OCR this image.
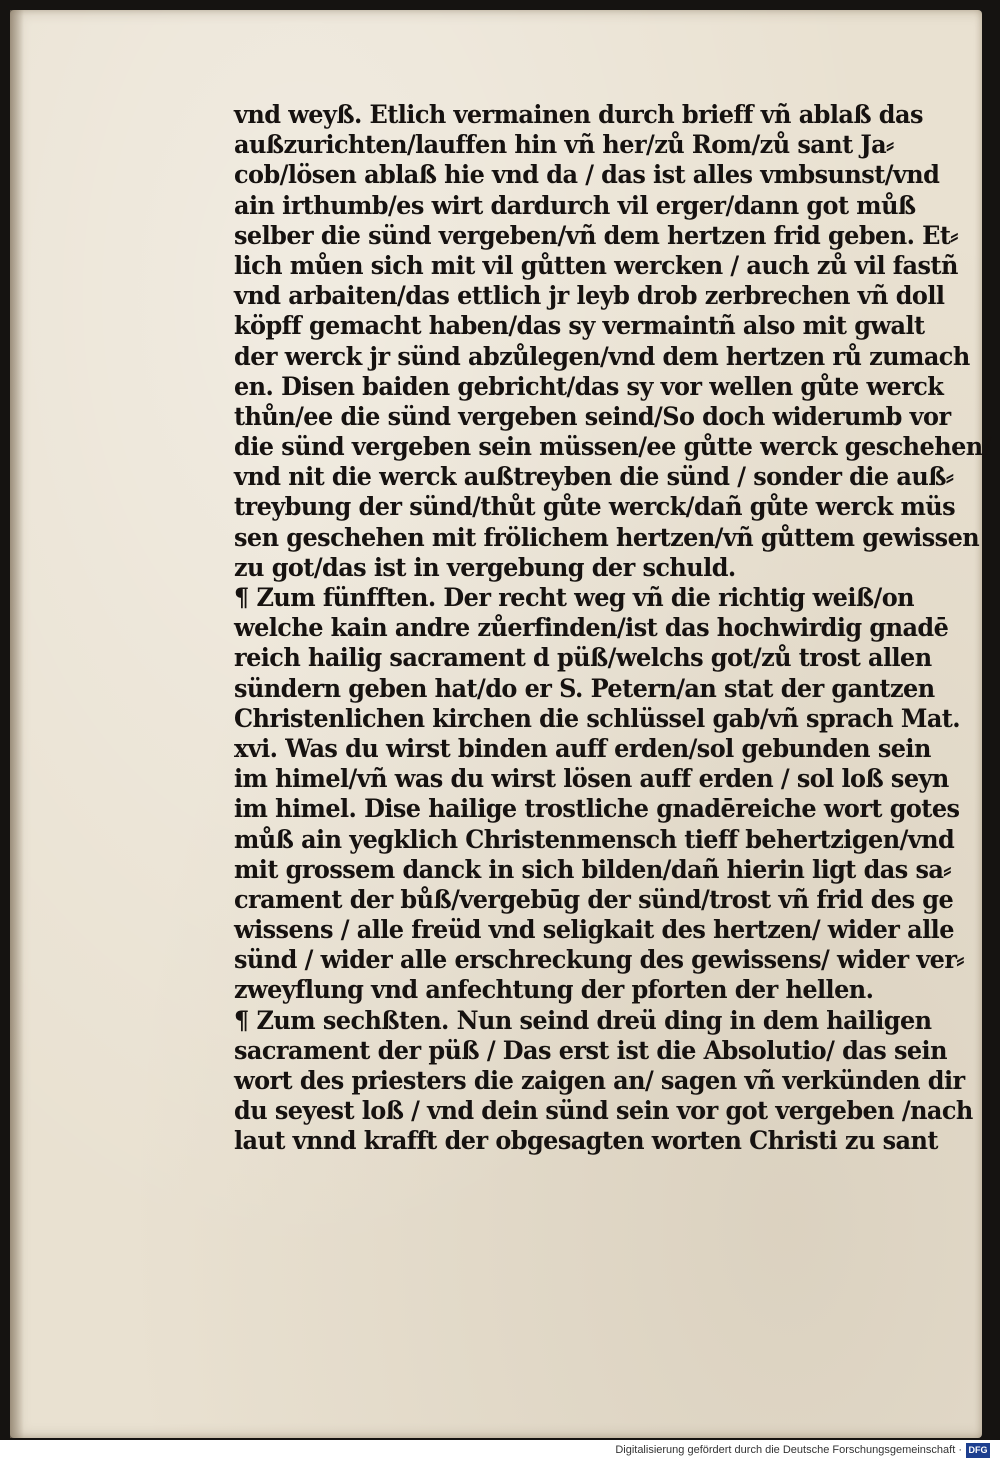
vnd weyß. Etlich vermainen durch brieff vñ ablaß das
außzurichten/lauffen hin vñ her/zů Rom/zů sant Ja⸗
cob/lösen ablaß hie vnd da / das ist alles vmbsunst/vnd
ain irthumb/es wirt dardurch vil erger/dann got můß
selber die sünd vergeben/vñ dem hertzen frid geben. Et⸗
lich můen sich mit vil gůtten wercken / auch zů vil fastñ
vnd arbaiten/das ettlich jr leyb drob zerbrechen vñ doll
köpff gemacht haben/das sy vermaintñ also mit gwalt
der werck jr sünd abzůlegen/vnd dem hertzen rů zumach
en. Disen baiden gebricht/das sy vor wellen gůte werck
thůn/ee die sünd vergeben seind/So doch widerumb vor
die sünd vergeben sein müssen/ee gůtte werck geschehen/
vnd nit die werck außtreyben die sünd / sonder die auß⸗
treybung der sünd/thůt gůte werck/dañ gůte werck müs
sen geschehen mit frölichem hertzen/vñ gůttem gewissen
zu got/das ist in vergebung der schuld.
¶ Zum fünfften. Der recht weg vñ die richtig weiß/on
welche kain andre zůerfinden/ist das hochwirdig gnadē
reich hailig sacrament d püß/welchs got/zů trost allen
sündern geben hat/do er S. Petern/an stat der gantzen
Christenlichen kirchen die schlüssel gab/vñ sprach Mat.
xvi. Was du wirst binden auff erden/sol gebunden sein
im himel/vñ was du wirst lösen auff erden / sol loß seyn
im himel. Dise hailige trostliche gnadēreiche wort gotes
můß ain yegklich Christenmensch tieff behertzigen/vnd
mit grossem danck in sich bilden/dañ hierin ligt das sa⸗
crament der bůß/vergebūg der sünd/trost vñ frid des ge
wissens / alle freüd vnd seligkait des hertzen/ wider alle
sünd / wider alle erschreckung des gewissens/ wider ver⸗
zweyflung vnd anfechtung der pforten der hellen.
¶ Zum sechßten. Nun seind dreü ding in dem hailigen
sacrament der püß / Das erst ist die Absolutio/ das sein
wort des priesters die zaigen an/ sagen vñ verkünden dir
du seyest loß / vnd dein sünd sein vor got vergeben /nach
laut vnnd krafft der obgesagten worten Christi zu sant
Digitalisierung gefördert durch die Deutsche Forschungsgemeinschaft · DFG
